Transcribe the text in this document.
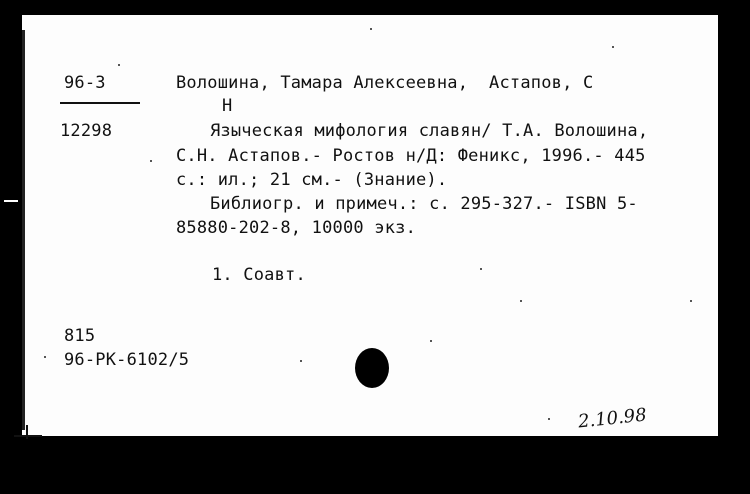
96-3
12298
Волошина, Тамара Алексеевна,  Астапов, С
Н
Языческая мифология славян/ Т.А. Волошина,
С.Н. Астапов.- Ростов н/Д: Феникс, 1996.- 445
с.: ил.; 21 см.- (Знание).
Библиогр. и примеч.: с. 295-327.- ISBN 5-
85880-202-8, 10000 экз.
1. Соавт.
815
96-PK-6102/5
2.10.98
